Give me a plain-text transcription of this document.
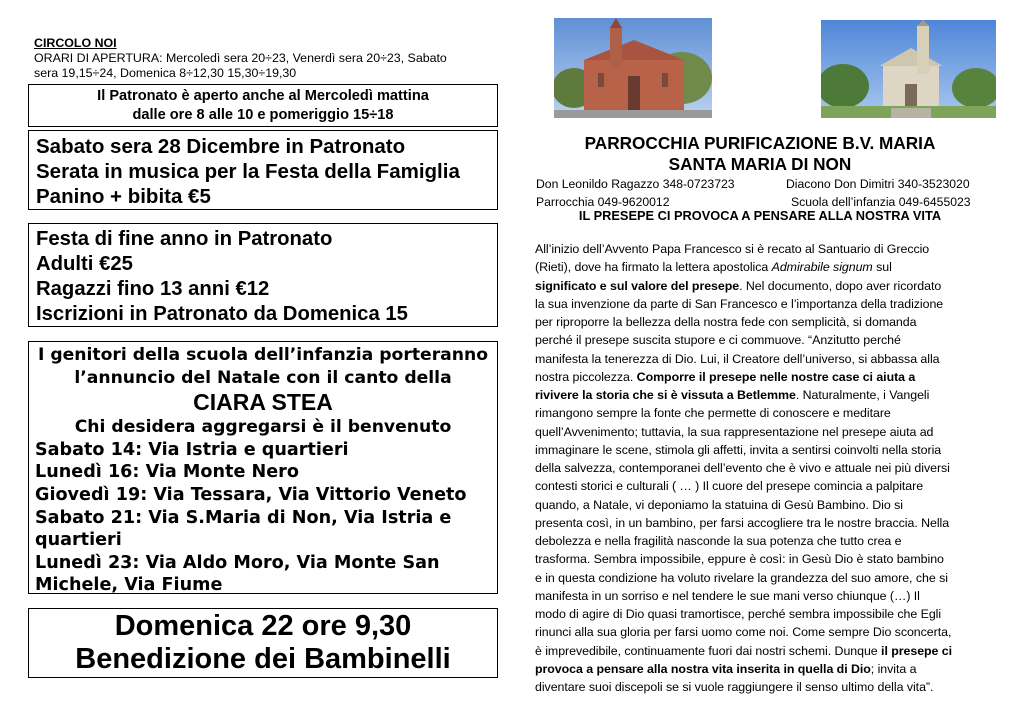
CIRCOLO NOI
ORARI DI APERTURA: Mercoledì sera 20÷23, Venerdì sera 20÷23, Sabato
sera 19,15÷24, Domenica 8÷12,30 15,30÷19,30
Il Patronato è aperto anche al Mercoledì mattina
dalle ore 8 alle 10 e pomeriggio 15÷18
Sabato sera 28 Dicembre in Patronato
Serata in musica per la Festa della Famiglia
Panino + bibita €5
Festa di fine anno in Patronato
Adulti €25
Ragazzi fino 13 anni €12
Iscrizioni in Patronato da Domenica 15
I genitori della scuola dell’infanzia porteranno
l’annuncio del Natale con il canto della
CIARA STEA
Chi desidera aggregarsi è il benvenuto
Sabato 14: Via Istria e quartieri
Lunedì 16: Via Monte Nero
Giovedì 19: Via Tessara, Via Vittorio Veneto
Sabato 21: Via S.Maria di Non, Via Istria e
quartieri
Lunedì 23: Via Aldo Moro, Via Monte San
Michele, Via Fiume
Domenica 22 ore 9,30
Benedizione dei Bambinelli
PARROCCHIA PURIFICAZIONE B.V. MARIA
SANTA MARIA DI NON
Don Leonildo Ragazzo 348-0723723	Diacono Don Dimitri 340-3523020
Parrocchia 049-9620012	Scuola dell’infanzia 049-6455023
IL PRESEPE CI PROVOCA A PENSARE ALLA NOSTRA VITA
All’inizio dell’Avvento Papa Francesco si è recato al Santuario di Greccio
(Rieti), dove ha firmato la lettera apostolica Admirabile signum sul
significato e sul valore del presepe. Nel documento, dopo aver ricordato
la sua invenzione da parte di San Francesco e l’importanza della tradizione
per riproporre la bellezza della nostra fede con semplicità, si domanda
perché il presepe suscita stupore e ci commuove. “Anzitutto perché
manifesta la tenerezza di Dio. Lui, il Creatore dell’universo, si abbassa alla
nostra piccolezza. Comporre il presepe nelle nostre case ci aiuta a
rivivere la storia che si è vissuta a Betlemme. Naturalmente, i Vangeli
rimangono sempre la fonte che permette di conoscere e meditare
quell’Avvenimento; tuttavia, la sua rappresentazione nel presepe aiuta ad
immaginare le scene, stimola gli affetti, invita a sentirsi coinvolti nella storia
della salvezza, contemporanei dell’evento che è vivo e attuale nei più diversi
contesti storici e culturali ( … ) Il cuore del presepe comincia a palpitare
quando, a Natale, vi deponiamo la statuina di Gesù Bambino. Dio si
presenta così, in un bambino, per farsi accogliere tra le nostre braccia. Nella
debolezza e nella fragilità nasconde la sua potenza che tutto crea e
trasforma. Sembra impossibile, eppure è così: in Gesù Dio è stato bambino
e in questa condizione ha voluto rivelare la grandezza del suo amore, che si
manifesta in un sorriso e nel tendere le sue mani verso chiunque (…) Il
modo di agire di Dio quasi tramortisce, perché sembra impossibile che Egli
rinunci alla sua gloria per farsi uomo come noi. Come sempre Dio sconcerta,
è imprevedibile, continuamente fuori dai nostri schemi. Dunque il presepe ci
provoca a pensare alla nostra vita inserita in quella di Dio; invita a
diventare suoi discepoli se si vuole raggiungere il senso ultimo della vita”.
